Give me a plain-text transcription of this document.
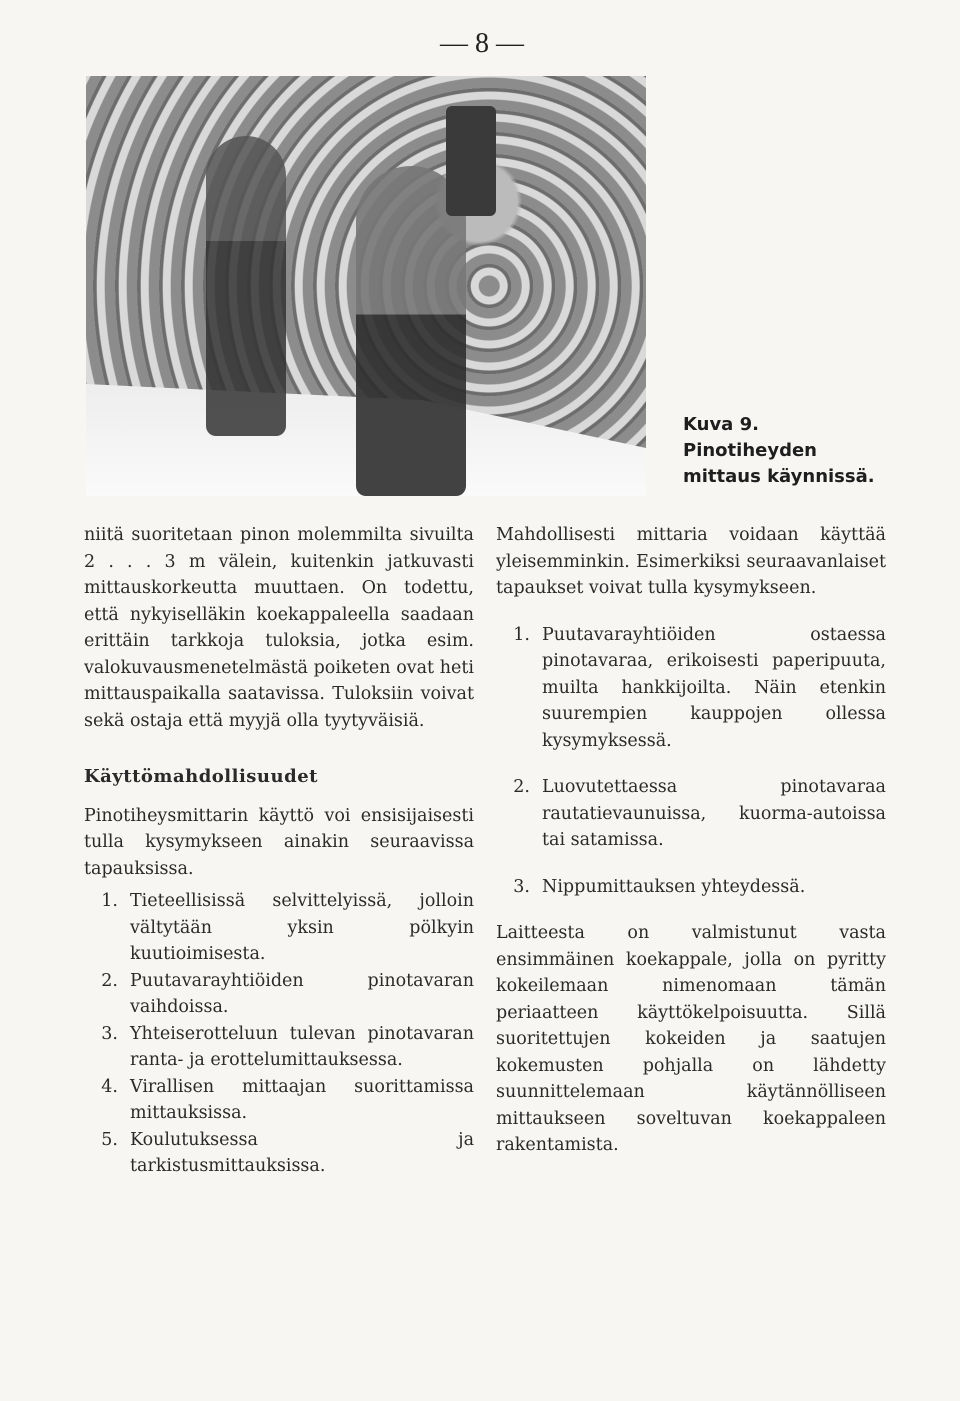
— 8 —
Kuva 9.
Pinotiheyden mittaus käynnissä.

niitä suoritetaan pinon molemmilta sivuilta 2 . . . 3 m välein, kuitenkin jatkuvasti mittauskorkeutta muuttaen. On todettu, että nykyiselläkin koekappaleella saadaan erittäin tarkkoja tuloksia, jotka esim. valokuvausmenetelmästä poiketen ovat heti mittauspaikalla saatavissa. Tuloksiin voivat sekä ostaja että myyjä olla tyytyväisiä.

Käyttömahdollisuudet

Pinotiheysmittarin käyttö voi ensisijaisesti tulla kysymykseen ainakin seuraavissa tapauksissa.

1. Tieteellisissä selvittelyissä, jolloin vältytään yksin pölkyin kuutioimisesta.
2. Puutavarayhtiöiden pinotavaran vaihdoissa.
3. Yhteiserotteluun tulevan pinotavaran ranta- ja erottelumittauksessa.
4. Virallisen mittaajan suorittamissa mittauksissa.
5. Koulutuksessa ja tarkistusmittauksissa.

Mahdollisesti mittaria voidaan käyttää yleisemminkin. Esimerkiksi seuraavanlaiset tapaukset voivat tulla kysymykseen.

1. Puutavarayhtiöiden ostaessa pinotavaraa, erikoisesti paperipuuta, muilta hankkijoilta. Näin etenkin suurempien kauppojen ollessa kysymyksessä.
2. Luovutettaessa pinotavaraa rautatievaunuissa, kuorma-autoissa tai satamissa.
3. Nippumittauksen yhteydessä.

Laitteesta on valmistunut vasta ensimmäinen koekappale, jolla on pyritty kokeilemaan nimenomaan tämän periaatteen käyttökelpoisuutta. Sillä suoritettujen kokeiden ja saatujen kokemusten pohjalla on lähdetty suunnittelemaan käytännölliseen mittaukseen soveltuvan koekappaleen rakentamista.
